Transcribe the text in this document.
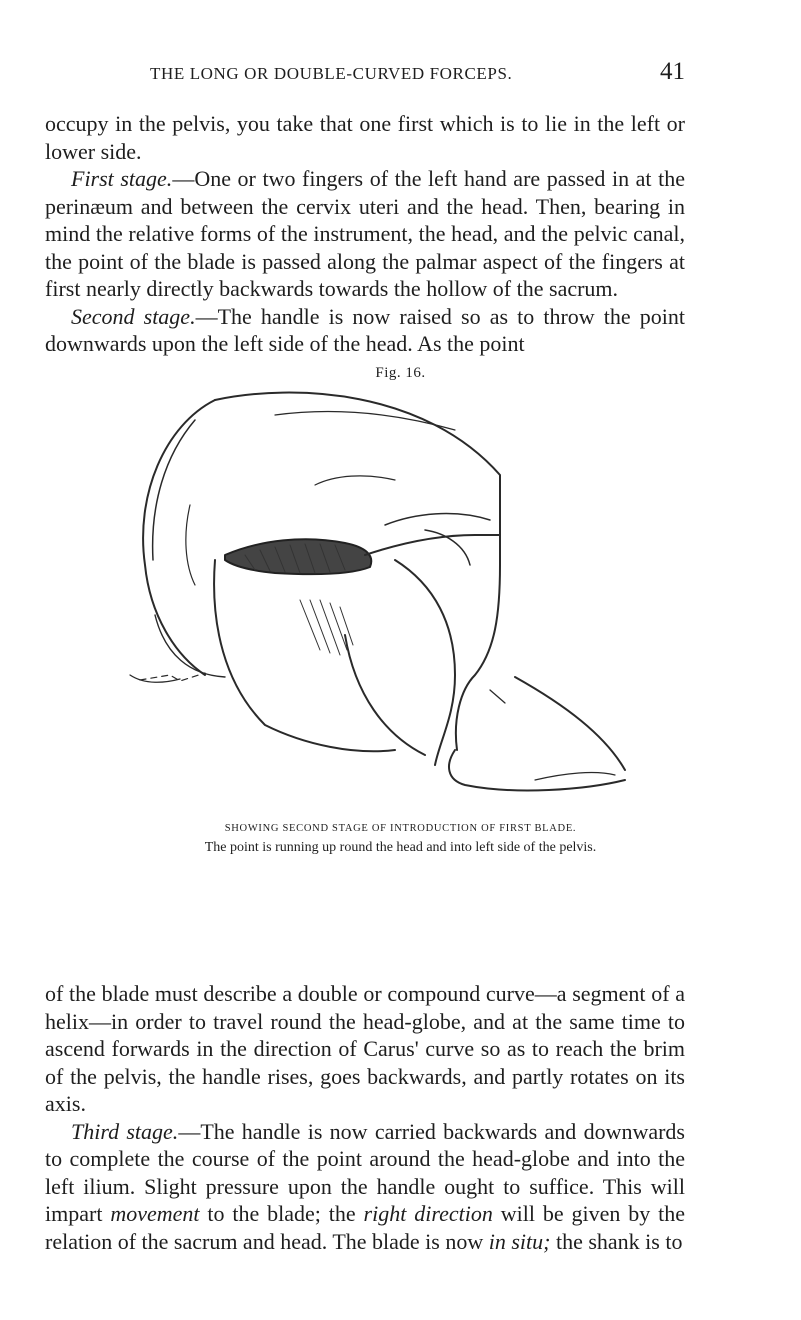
THE LONG OR DOUBLE-CURVED FORCEPS.	41

occupy in the pelvis, you take that one first which is to lie in the left or lower side.

First stage.—One or two fingers of the left hand are passed in at the perinæum and between the cervix uteri and the head. Then, bearing in mind the relative forms of the instrument, the head, and the pelvic canal, the point of the blade is passed along the palmar aspect of the fingers at first nearly directly backwards towards the hollow of the sacrum.

Second stage.—The handle is now raised so as to throw the point downwards upon the left side of the head. As the point

Fig. 16.
SHOWING SECOND STAGE OF INTRODUCTION OF FIRST BLADE.
The point is running up round the head and into left side of the pelvis.

of the blade must describe a double or compound curve—a segment of a helix—in order to travel round the head-globe, and at the same time to ascend forwards in the direction of Carus' curve so as to reach the brim of the pelvis, the handle rises, goes backwards, and partly rotates on its axis.

Third stage.—The handle is now carried backwards and downwards to complete the course of the point around the head-globe and into the left ilium. Slight pressure upon the handle ought to suffice. This will impart movement to the blade; the right direction will be given by the relation of the sacrum and head. The blade is now in situ; the shank is to
